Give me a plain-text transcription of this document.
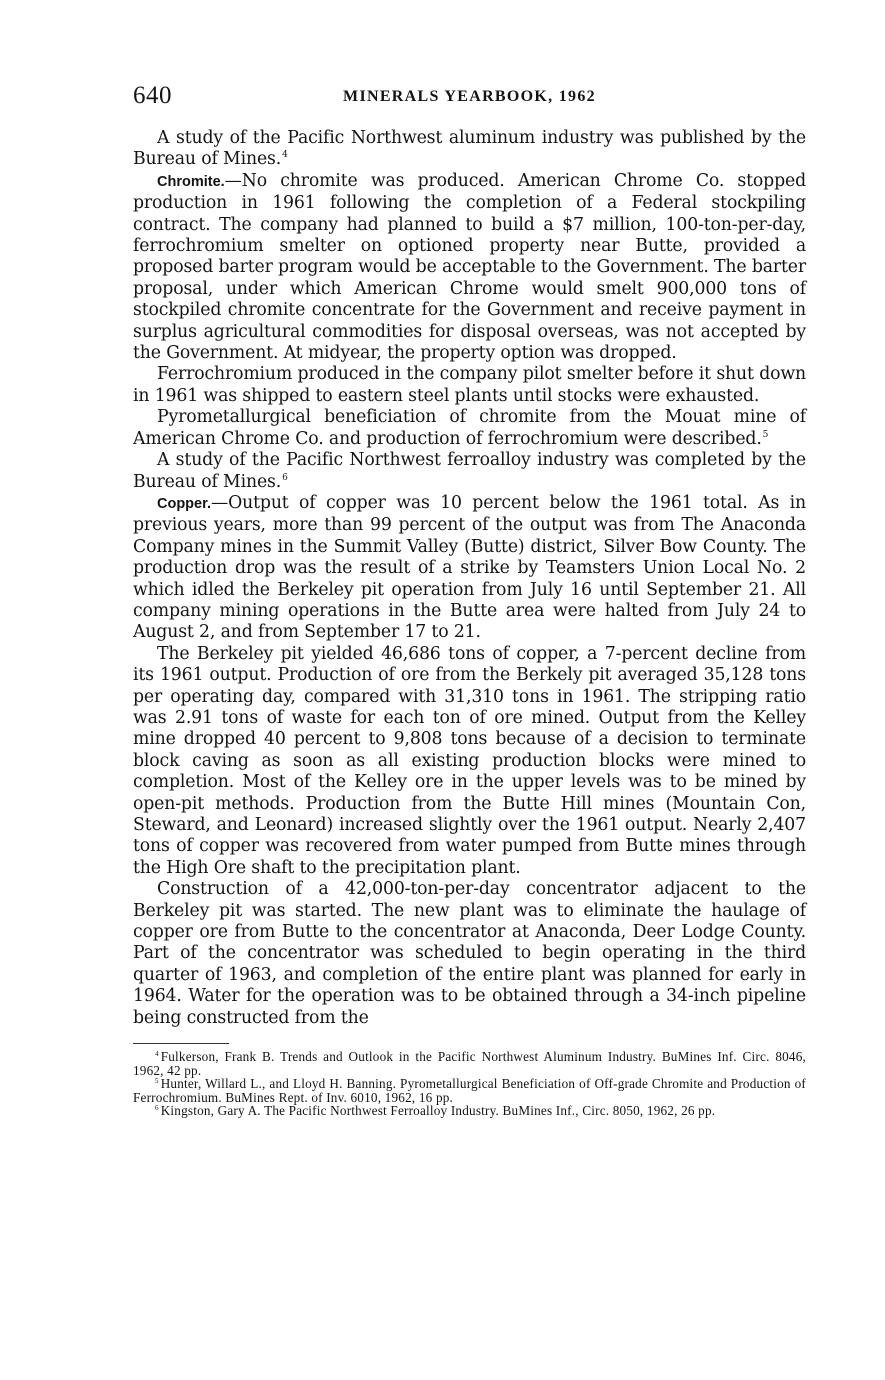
640	MINERALS YEARBOOK, 1962

A study of the Pacific Northwest aluminum industry was published by the Bureau of Mines.$^4$

Chromite.—No chromite was produced. American Chrome Co. stopped production in 1961 following the completion of a Federal stockpiling contract. The company had planned to build a $7 million, 100-ton-per-day, ferrochromium smelter on optioned property near Butte, provided a proposed barter program would be acceptable to the Government. The barter proposal, under which American Chrome would smelt 900,000 tons of stockpiled chromite concentrate for the Government and receive payment in surplus agricultural commodities for disposal overseas, was not accepted by the Government. At midyear, the property option was dropped.

Ferrochromium produced in the company pilot smelter before it shut down in 1961 was shipped to eastern steel plants until stocks were exhausted.

Pyrometallurgical beneficiation of chromite from the Mouat mine of American Chrome Co. and production of ferrochromium were described.$^5$

A study of the Pacific Northwest ferroalloy industry was completed by the Bureau of Mines.$^6$

Copper.—Output of copper was 10 percent below the 1961 total. As in previous years, more than 99 percent of the output was from The Anaconda Company mines in the Summit Valley (Butte) district, Silver Bow County. The production drop was the result of a strike by Teamsters Union Local No. 2 which idled the Berkeley pit operation from July 16 until September 21. All company mining operations in the Butte area were halted from July 24 to August 2, and from September 17 to 21.

The Berkeley pit yielded 46,686 tons of copper, a 7-percent decline from its 1961 output. Production of ore from the Berkely pit averaged 35,128 tons per operating day, compared with 31,310 tons in 1961. The stripping ratio was 2.91 tons of waste for each ton of ore mined. Output from the Kelley mine dropped 40 percent to 9,808 tons because of a decision to terminate block caving as soon as all existing production blocks were mined to completion. Most of the Kelley ore in the upper levels was to be mined by open-pit methods. Production from the Butte Hill mines (Mountain Con, Steward, and Leonard) increased slightly over the 1961 output. Nearly 2,407 tons of copper was recovered from water pumped from Butte mines through the High Ore shaft to the precipitation plant.

Construction of a 42,000-ton-per-day concentrator adjacent to the Berkeley pit was started. The new plant was to eliminate the haulage of copper ore from Butte to the concentrator at Anaconda, Deer Lodge County. Part of the concentrator was scheduled to begin operating in the third quarter of 1963, and completion of the entire plant was planned for early in 1964. Water for the operation was to be obtained through a 34-inch pipeline being constructed from the

$^4$ Fulkerson, Frank B. Trends and Outlook in the Pacific Northwest Aluminum Industry. BuMines Inf. Circ. 8046, 1962, 42 pp.

$^5$ Hunter, Willard L., and Lloyd H. Banning. Pyrometallurgical Beneficiation of Off-grade Chromite and Production of Ferrochromium. BuMines Rept. of Inv. 6010, 1962, 16 pp.

$^6$ Kingston, Gary A. The Pacific Northwest Ferroalloy Industry. BuMines Inf., Circ. 8050, 1962, 26 pp.
